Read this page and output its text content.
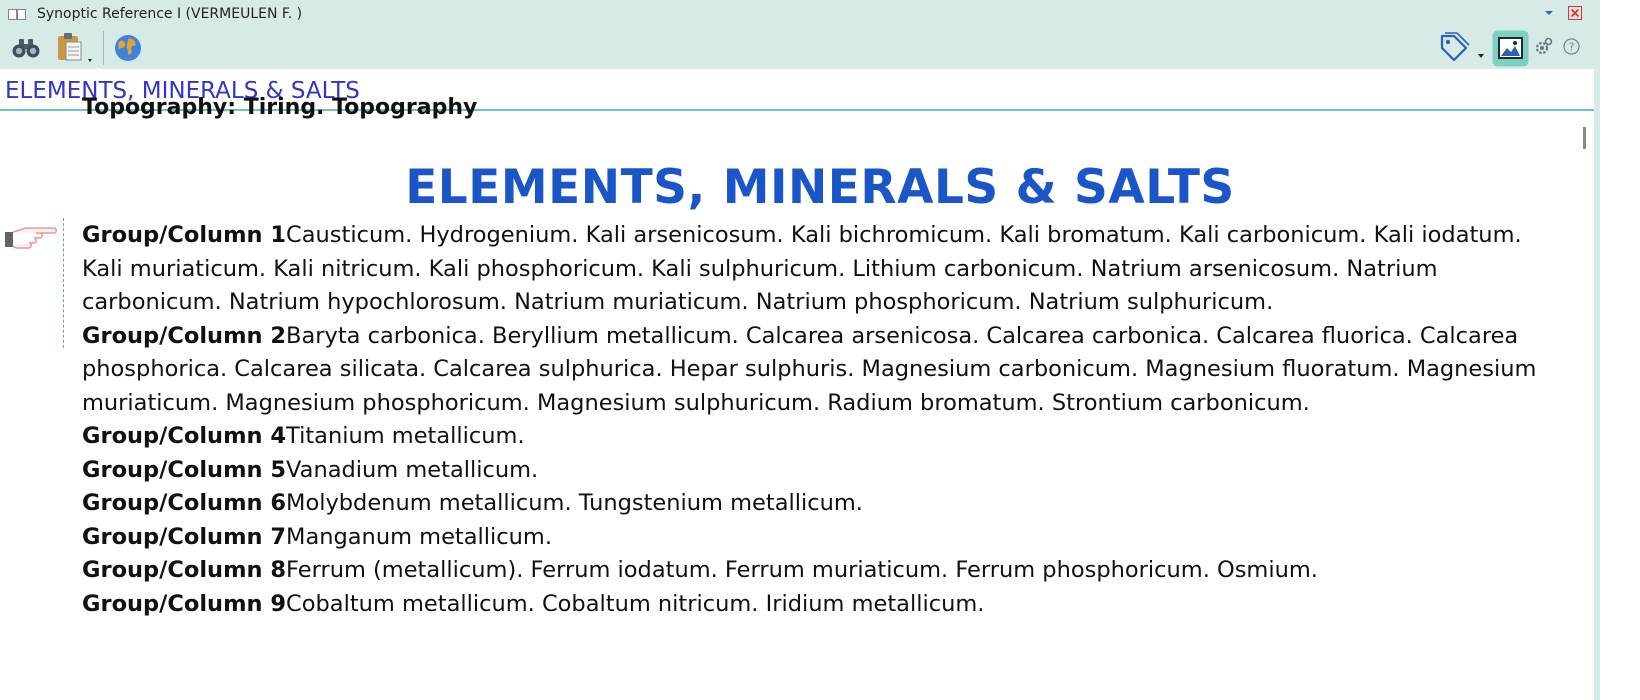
Synoptic Reference I (VERMEULEN F. )
?
ELEMENTS, MINERALS & SALTS
Topography: Tiring. Topography
ELEMENTS, MINERALS & SALTS

Group/Column 1Causticum. Hydrogenium. Kali arsenicosum. Kali bichromicum. Kali bromatum. Kali carbonicum. Kali iodatum. Kali muriaticum. Kali nitricum. Kali phosphoricum. Kali sulphuricum. Lithium carbonicum. Natrium arsenicosum. Natrium carbonicum. Natrium hypochlorosum. Natrium muriaticum. Natrium phosphoricum. Natrium sulphuricum.

Group/Column 2Baryta carbonica. Beryllium metallicum. Calcarea arsenicosa. Calcarea carbonica. Calcarea fluorica. Calcarea phosphorica. Calcarea silicata. Calcarea sulphurica. Hepar sulphuris. Magnesium carbonicum. Magnesium fluoratum. Magnesium muriaticum. Magnesium phosphoricum. Magnesium sulphuricum. Radium bromatum. Strontium carbonicum.

Group/Column 4Titanium metallicum.

Group/Column 5Vanadium metallicum.

Group/Column 6Molybdenum metallicum. Tungstenium metallicum.

Group/Column 7Manganum metallicum.

Group/Column 8Ferrum (metallicum). Ferrum iodatum. Ferrum muriaticum. Ferrum phosphoricum. Osmium.

Group/Column 9Cobaltum metallicum. Cobaltum nitricum. Iridium metallicum.
